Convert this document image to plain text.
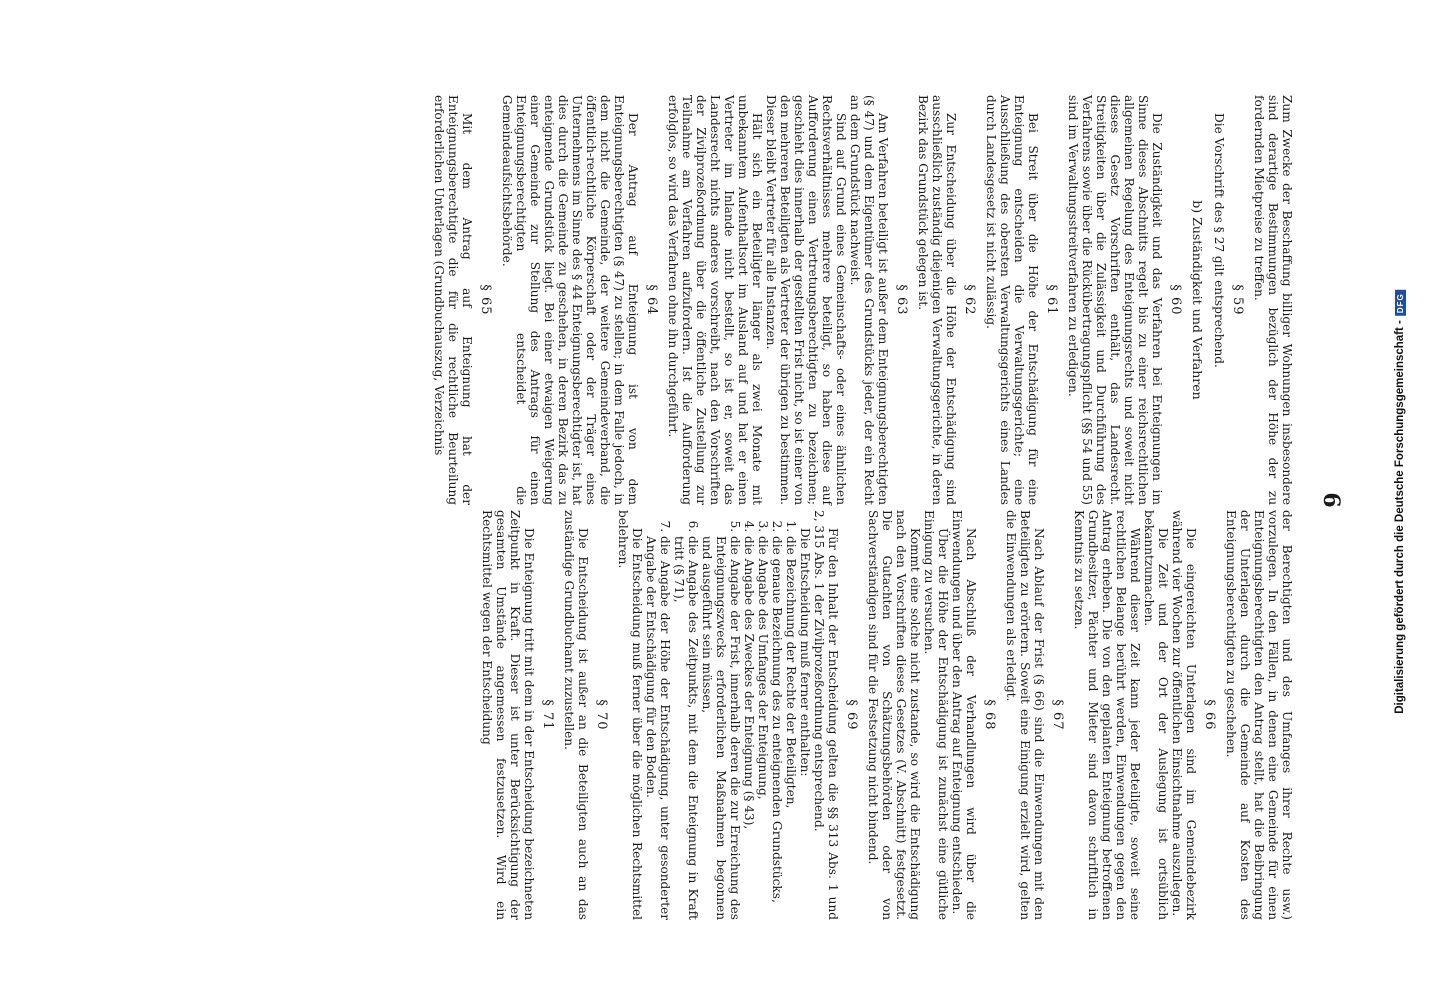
6

Zum Zwecke der Beschaffung billiger Wohnungen insbesondere sind derartige Bestimmungen bezüglich der Höhe der zu fordernden Mietpreise zu treffen.

§ 59

Die Vorschrift des § 27 gilt entsprechend.

b) Zuständigkeit und Verfahren
§ 60

Die Zuständigkeit und das Verfahren bei Enteignungen im Sinne dieses Abschnitts regelt bis zu einer reichsrechtlichen allgemeinen Regelung des Enteignungsrechts und soweit nicht dieses Gesetz Vorschriften enthält, das Landesrecht. Streitigkeiten über die Zulässigkeit und Durchführung des Verfahrens sowie über die Rückübertragungspflicht (§§ 54 und 55) sind im Verwaltungsstreitverfahren zu erledigen.

§ 61

Bei Streit über die Höhe der Entschädigung für eine Enteignung entscheiden die Verwaltungsgerichte; eine Ausschließung des obersten Verwaltungsgerichts eines Landes durch Landesgesetz ist nicht zulässig.

§ 62

Zur Entscheidung über die Höhe der Entschädigung sind ausschließlich zuständig diejenigen Verwaltungsgerichte, in deren Bezirk das Grundstück gelegen ist.

§ 63

Am Verfahren beteiligt ist außer dem Enteignungsberechtigten (§ 47) und dem Eigentümer des Grundstücks jeder, der ein Recht an dem Grundstück nachweist.

Sind auf Grund eines Gemeinschafts- oder eines ähnlichen Rechtsverhältnisses mehrere beteiligt, so haben diese auf Aufforderung einen Vertretungsberechtigten zu bezeichnen; geschieht dies innerhalb der gestellten Frist nicht, so ist einer von den mehreren Beteiligten als Vertreter der übrigen zu bestimmen. Dieser bleibt Vertreter für alle Instanzen.

Hält sich ein Beteiligter länger als zwei Monate mit unbekanntem Aufenthaltsort im Ausland auf und hat er einen Vertreter im Inlande nicht bestellt, so ist er, soweit das Landesrecht nichts anderes vorschreibt, nach den Vorschriften der Zivilprozeßordnung über die öffentliche Zustellung zur Teilnahme am Verfahren aufzufordern. Ist die Aufforderung erfolglos, so wird das Verfahren ohne ihn durchgeführt.

§ 64

Der Antrag auf Enteignung ist von dem Enteignungsberechtigten (§ 47) zu stellen; in dem Falle jedoch, in dem nicht die Gemeinde, der weitere Gemeindeverband, die öffentlich-rechtliche Körperschaft oder der Träger eines Unternehmens im Sinne des § 44 Enteignungsberechtigter ist, hat dies durch die Gemeinde zu geschehen, in deren Bezirk das zu enteignende Grundstück liegt. Bei einer etwaigen Weigerung einer Gemeinde zur Stellung des Antrags für einen Enteignungsberechtigten entscheidet die Gemeindeaufsichtsbehörde.

§ 65

Mit dem Antrag auf Enteignung hat der Enteignungsberechtigte die für die rechtliche Beurteilung erforderlichen Unterlagen (Grundbuchauszug, Verzeichnis

der Berechtigten und des Umfanges ihrer Rechte usw.) vorzulegen. In den Fällen, in denen eine Gemeinde für einen Enteignungsberechtigten den Antrag stellt, hat die Beibringung der Unterlagen durch die Gemeinde auf Kosten des Enteignungsberechtigten zu geschehen.

§ 66

Die eingereichten Unterlagen sind im Gemeindebezirk während vier Wochen zur öffentlichen Einsichtnahme auszulegen.

Die Zeit und der Ort der Auslegung ist ortsüblich bekanntzumachen.

Während dieser Zeit kann jeder Beteiligte, soweit seine rechtlichen Belange berührt werden, Einwendungen gegen den Antrag erheben. Die von den geplanten Enteignung betroffenen Grundbesitzer, Pächter und Mieter sind davon schriftlich in Kenntnis zu setzen.

§ 67

Nach Ablauf der Frist (§ 66) sind die Einwendungen mit den Beteiligten zu erörtern. Soweit eine Einigung erzielt wird, gelten die Einwendungen als erledigt.

§ 68

Nach Abschluß der Verhandlungen wird über die Einwendungen und über den Antrag auf Enteignung entschieden.

Über die Höhe der Entschädigung ist zunächst eine gütliche Einigung zu versuchen.

Kommt eine solche nicht zustande, so wird die Entschädigung nach den Vorschriften dieses Gesetzes (V. Abschnitt) festgesetzt. Die Gutachten von Schätzungsbehörden oder von Sachverständigen sind für die Festsetzung nicht bindend.

§ 69

Für den Inhalt der Entscheidung gelten die §§ 313 Abs. 1 und 2, 315 Abs. 1 der Zivilprozeßordnung entsprechend.

Die Entscheidung muß ferner enthalten:

1. die Bezeichnung der Rechte der Beteiligten,
2. die genaue Bezeichnung des zu enteignenden Grundstücks,
3. die Angabe des Umfanges der Enteignung,
4. die Angabe des Zweckes der Enteignung (§ 43),
5. die Angabe der Frist, innerhalb deren die zur Erreichung des Enteignungszwecks erforderlichen Maßnahmen begonnen und ausgeführt sein müssen,
6. die Angabe des Zeitpunkts, mit dem die Enteignung in Kraft tritt (§ 71),
7. die Angabe der Höhe der Entschädigung, unter gesonderter Angabe der Entschädigung für den Boden.

Die Entscheidung muß ferner über die möglichen Rechtsmittel belehren.

§ 70

Die Entscheidung ist außer an die Beteiligten auch an das zuständige Grundbuchamt zuzustellen.

§ 71

Die Enteignung tritt mit dem in der Entscheidung bezeichneten Zeitpunkt in Kraft. Dieser ist unter Berücksichtigung der gesamten Umstände angemessen festzusetzen. Wird ein Rechtsmittel wegen der Entscheidung	Digitalisierung gefördert durch die Deutsche Forschungsgemeinschaft -DFG
